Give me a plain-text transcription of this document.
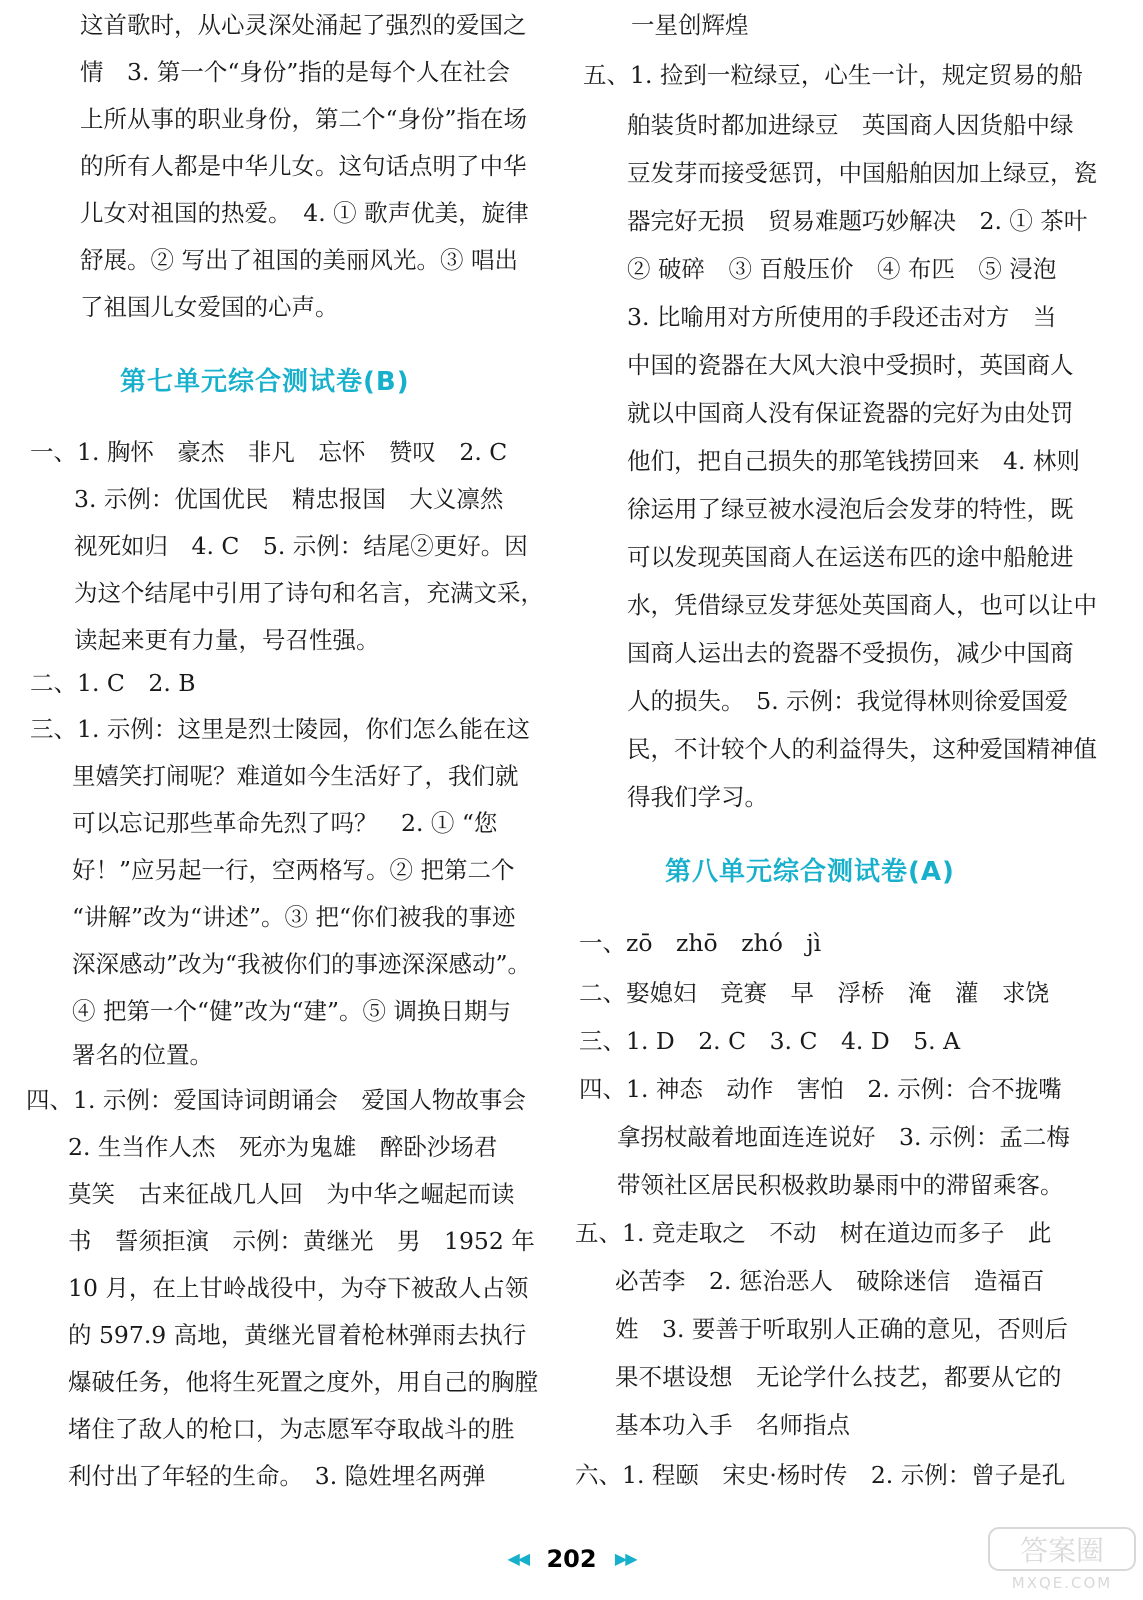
这首歌时，从心灵深处涌起了强烈的爱国之
情　3. 第一个“身份”指的是每个人在社会
上所从事的职业身份，第二个“身份”指在场
的所有人都是中华儿女。这句话点明了中华
儿女对祖国的热爱。　4. ① 歌声优美，旋律
舒展。② 写出了祖国的美丽风光。③ 唱出
了祖国儿女爱国的心声。
第七单元综合测试卷(B)
一、1. 胸怀　豪杰　非凡　忘怀　赞叹　2. C
3. 示例：优国优民　精忠报国　大义凛然
视死如归　4. C　5. 示例：结尾②更好。因
为这个结尾中引用了诗句和名言，充满文采，
读起来更有力量，号召性强。
二、1. C　2. B
三、1. 示例：这里是烈士陵园，你们怎么能在这
里嬉笑打闹呢？难道如今生活好了，我们就
可以忘记那些革命先烈了吗？　2. ① “您
好！”应另起一行，空两格写。② 把第二个
“讲解”改为“讲述”。③ 把“你们被我的事迹
深深感动”改为“我被你们的事迹深深感动”。
④ 把第一个“健”改为“建”。⑤ 调换日期与
署名的位置。
四、1. 示例：爱国诗词朗诵会　爱国人物故事会
2. 生当作人杰　死亦为鬼雄　醉卧沙场君
莫笑　古来征战几人回　为中华之崛起而读
书　誓须拒演　示例：黄继光　男　1952 年
10 月，在上甘岭战役中，为夺下被敌人占领
的 597.9 高地，黄继光冒着枪林弹雨去执行
爆破任务，他将生死置之度外，用自己的胸膛
堵住了敌人的枪口，为志愿军夺取战斗的胜
利付出了年轻的生命。　3. 隐姓埋名两弹
一星创辉煌
五、1. 捡到一粒绿豆，心生一计，规定贸易的船
舶装货时都加进绿豆　英国商人因货船中绿
豆发芽而接受惩罚，中国船舶因加上绿豆，瓷
器完好无损　贸易难题巧妙解决　2. ① 茶叶
② 破碎　③ 百般压价　④ 布匹　⑤ 浸泡
3. 比喻用对方所使用的手段还击对方　当
中国的瓷器在大风大浪中受损时，英国商人
就以中国商人没有保证瓷器的完好为由处罚
他们，把自己损失的那笔钱捞回来　4. 林则
徐运用了绿豆被水浸泡后会发芽的特性，既
可以发现英国商人在运送布匹的途中船舱进
水，凭借绿豆发芽惩处英国商人，也可以让中
国商人运出去的瓷器不受损伤，减少中国商
人的损失。　5. 示例：我觉得林则徐爱国爱
民，不计较个人的利益得失，这种爱国精神值
得我们学习。
第八单元综合测试卷(A)
一、zō　zhō　zhó　jì
二、娶媳妇　竞赛　早　浮桥　淹　灌　求饶
三、1. D　2. C　3. C　4. D　5. A
四、1. 神态　动作　害怕　2. 示例：合不拢嘴
拿拐杖敲着地面连连说好　3. 示例：孟二梅
带领社区居民积极救助暴雨中的滞留乘客。
五、1. 竞走取之　不动　树在道边而多子　此
必苦李　2. 惩治恶人　破除迷信　造福百
姓　3. 要善于听取别人正确的意见，否则后
果不堪设想　无论学什么技艺，都要从它的
基本功入手　名师指点
六、1. 程颐　宋史·杨时传　2. 示例：曾子是孔
◀◀ 202 ▶▶	答案圈
MXQE.COM
